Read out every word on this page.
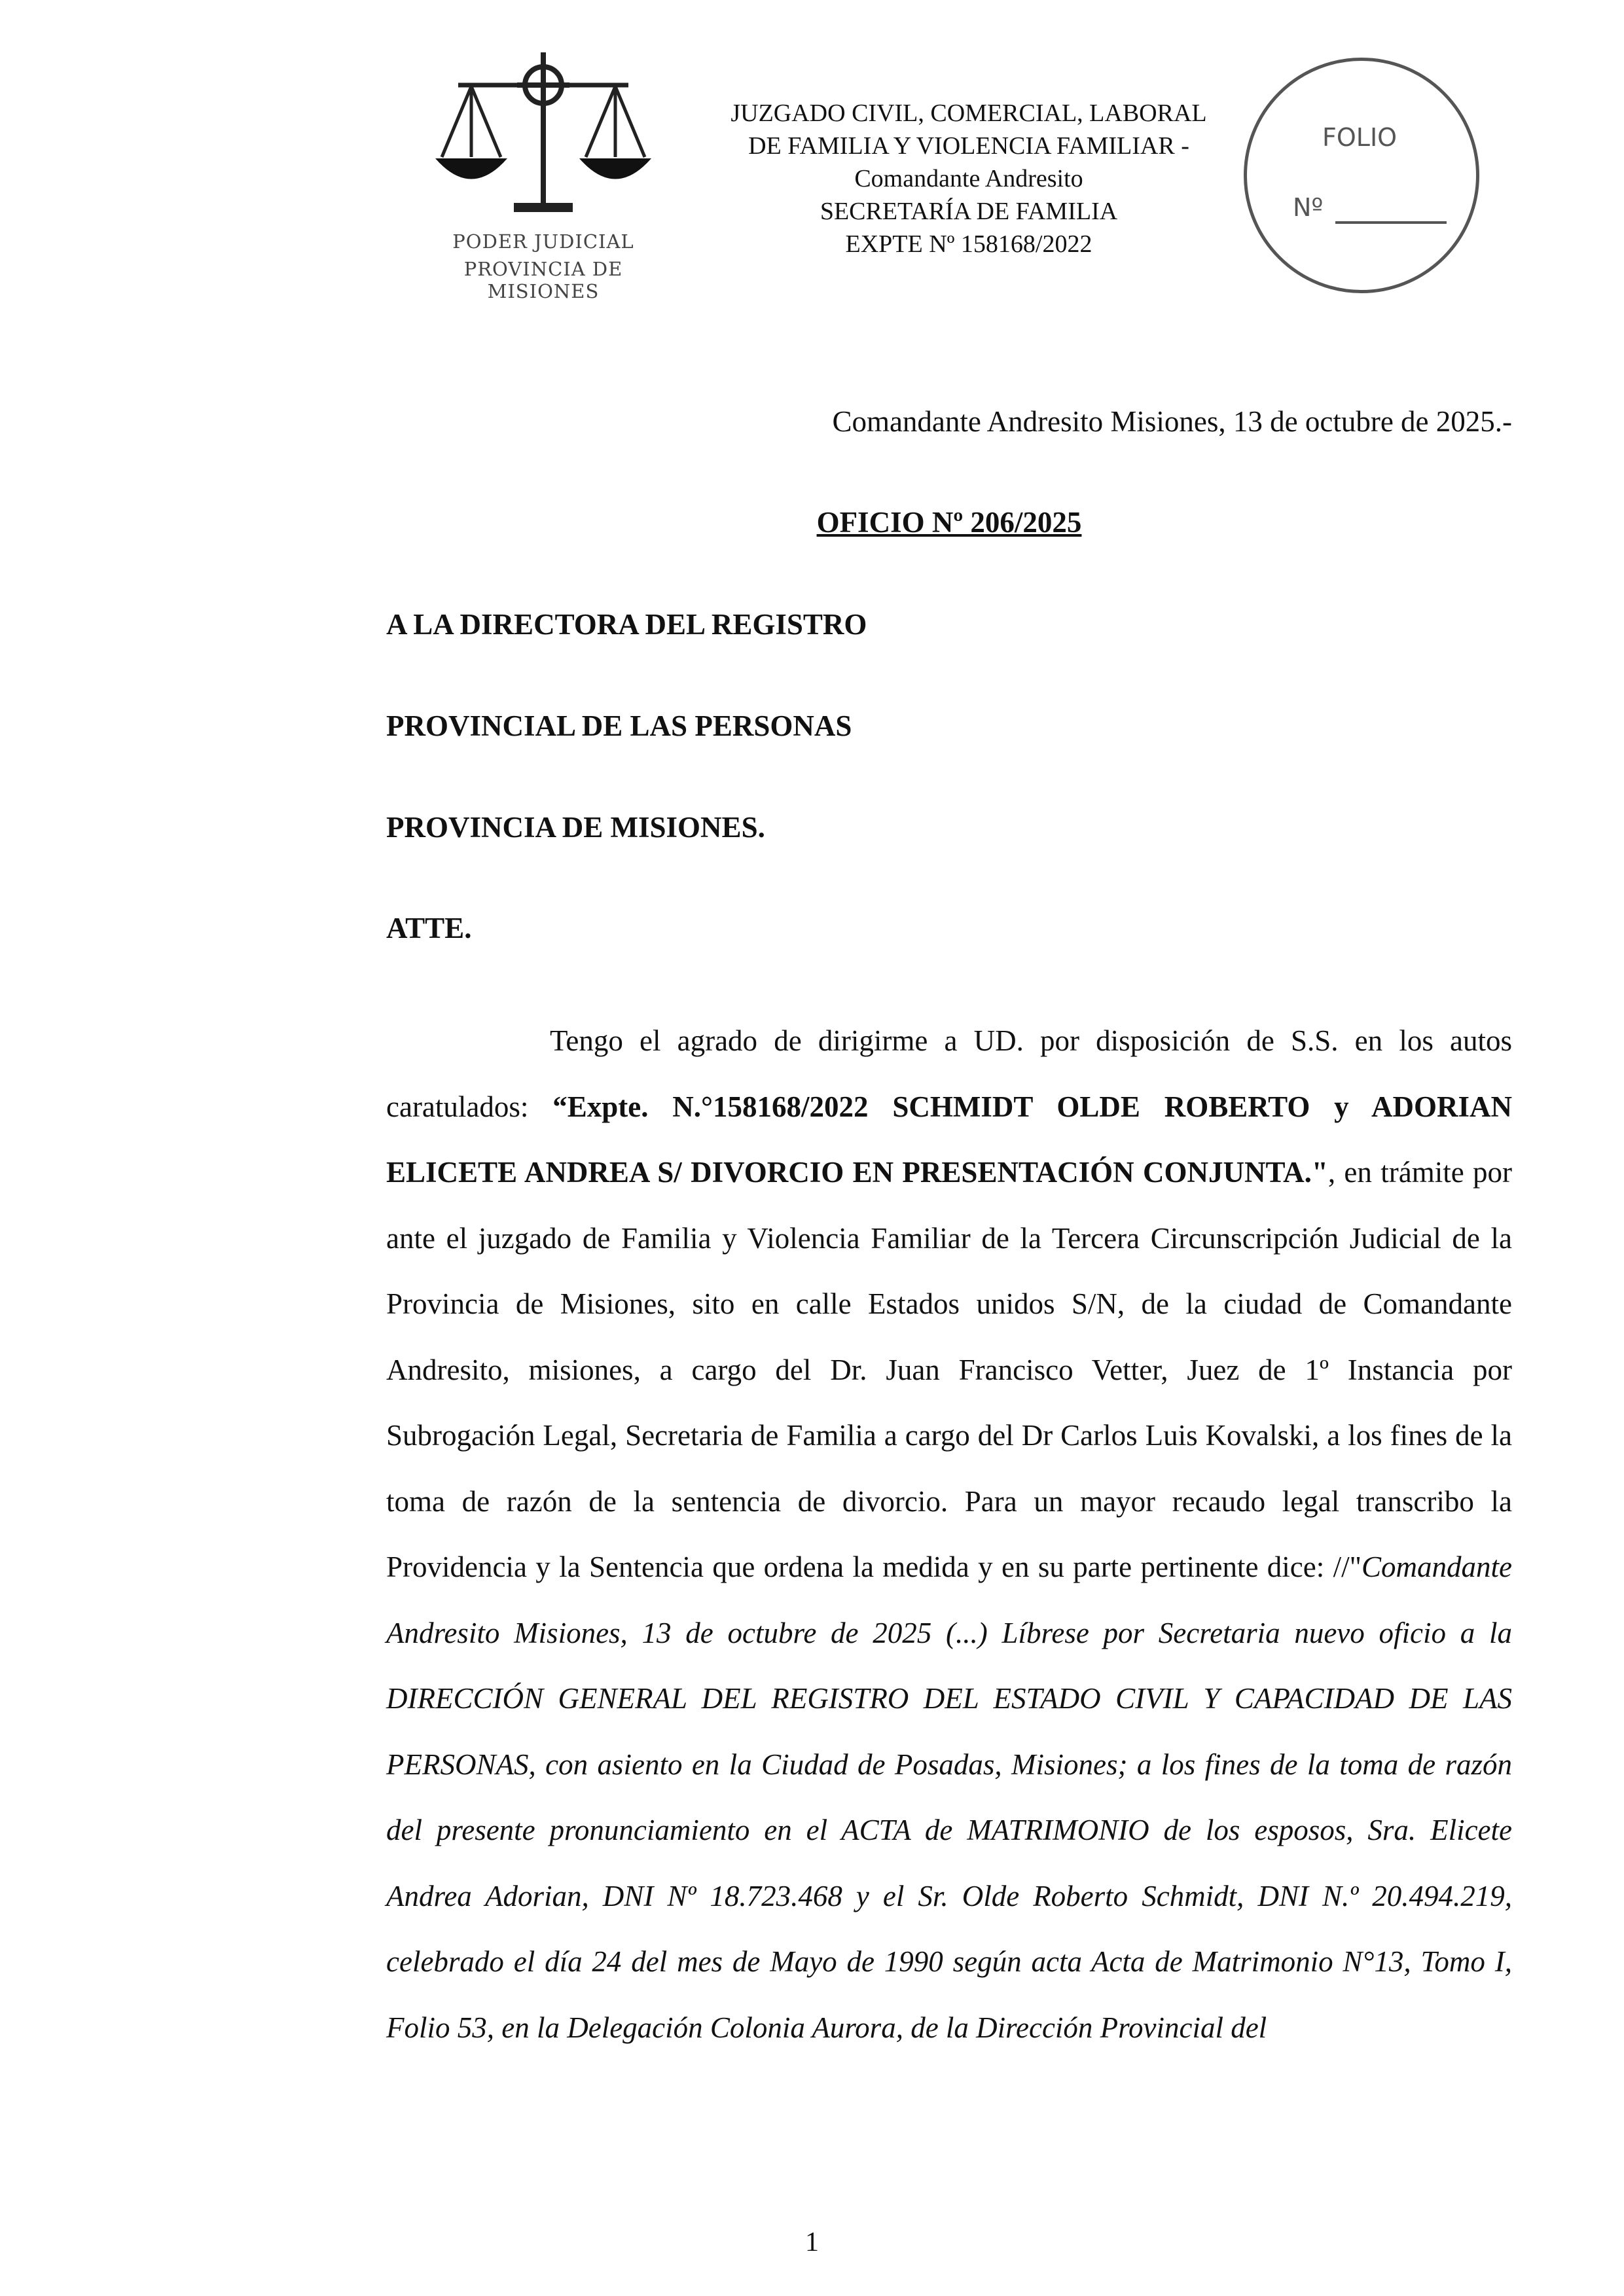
PODER JUDICIAL
PROVINCIA DE MISIONES
JUZGADO CIVIL, COMERCIAL, LABORAL
DE FAMILIA Y VIOLENCIA FAMILIAR -
Comandante Andresito
SECRETARÍA DE FAMILIA
EXPTE Nº 158168/2022
FOLIO
Nº
Comandante Andresito Misiones, 13 de octubre de 2025.-
OFICIO Nº 206/2025
A LA DIRECTORA DEL REGISTRO
PROVINCIAL DE LAS PERSONAS
PROVINCIA DE MISIONES.
ATTE.

Tengo el agrado de dirigirme a UD. por disposición de S.S. en los autos caratulados: “Expte. N.°158168/2022 SCHMIDT OLDE ROBERTO y ADORIAN ELICETE ANDREA S/ DIVORCIO EN PRESENTACIÓN CONJUNTA.", en trámite por ante el juzgado de Familia y Violencia Familiar de la Tercera Circunscripción Judicial de la Provincia de Misiones, sito en calle Estados unidos S/N, de la ciudad de Comandante Andresito, misiones, a cargo del Dr. Juan Francisco Vetter, Juez de 1º Instancia por Subrogación Legal, Secretaria de Familia a cargo del Dr Carlos Luis Kovalski, a los fines de la toma de razón de la sentencia de divorcio. Para un mayor recaudo legal transcribo la Providencia y la Sentencia que ordena la medida y en su parte pertinente dice: //"Comandante Andresito Misiones, 13 de octubre de 2025 (...) Líbrese por Secretaria nuevo oficio a la DIRECCIÓN GENERAL DEL REGISTRO DEL ESTADO CIVIL Y CAPACIDAD DE LAS PERSONAS, con asiento en la Ciudad de Posadas, Misiones; a los fines de la toma de razón del presente pronunciamiento en el ACTA de MATRIMONIO de los esposos, Sra. Elicete Andrea Adorian, DNI Nº 18.723.468 y el Sr. Olde Roberto Schmidt, DNI N.º 20.494.219, celebrado el día 24 del mes de Mayo de 1990 según acta Acta de Matrimonio N°13, Tomo I, Folio 53, en la Delegación Colonia Aurora, de la Dirección Provincial del

1
